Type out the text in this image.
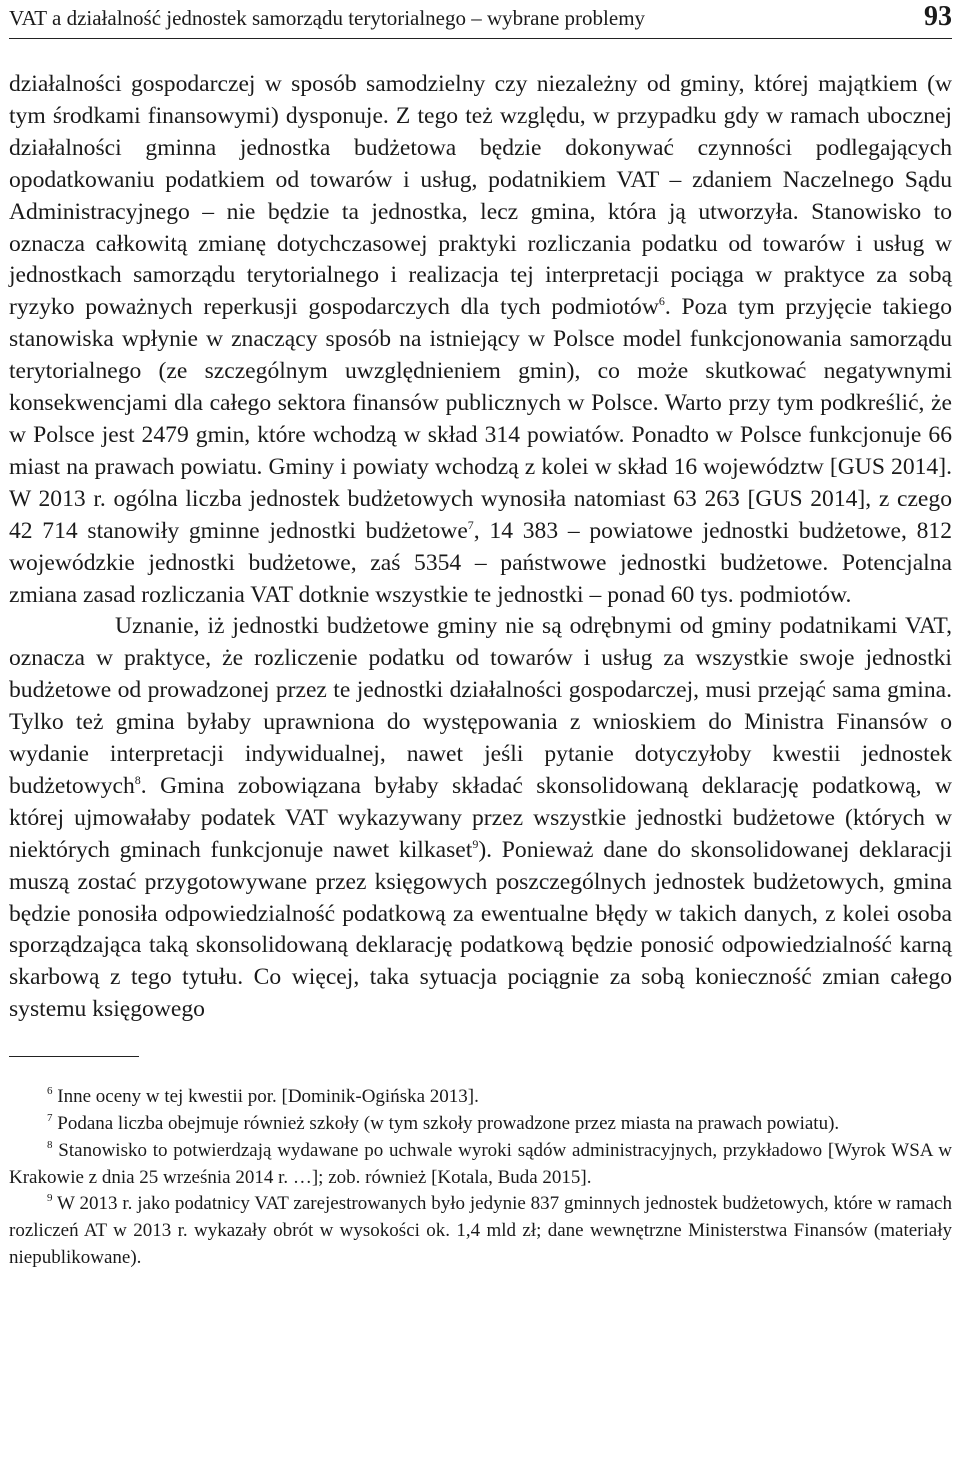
VAT a działalność jednostek samorządu terytorialnego – wybrane problemy	93

działalności gospodarczej w sposób samodzielny czy niezależny od gminy, której majątkiem (w tym środkami finansowymi) dysponuje. Z tego też względu, w przypadku gdy w ramach ubocznej działalności gminna jednostka budżetowa będzie dokonywać czynności podlegających opodatkowaniu podatkiem od towarów i usług, podatnikiem VAT – zdaniem Naczelnego Sądu Administracyjnego – nie będzie ta jednostka, lecz gmina, która ją utworzyła. Stanowisko to oznacza całkowitą zmianę dotychczasowej praktyki rozliczania podatku od towarów i usług w jednostkach samorządu terytorialnego i realizacja tej interpretacji pociąga w praktyce za sobą ryzyko poważnych reperkusji gospodarczych dla tych podmiotów$^6$. Poza tym przyjęcie takiego stanowiska wpłynie w znaczący sposób na istniejący w Polsce model funkcjonowania samorządu terytorialnego (ze szczególnym uwzględnieniem gmin), co może skutkować negatywnymi konsekwencjami dla całego sektora finansów publicznych w Polsce. Warto przy tym podkreślić, że w Polsce jest 2479 gmin, które wchodzą w skład 314 powiatów. Ponadto w Polsce funkcjonuje 66 miast na prawach powiatu. Gminy i powiaty wchodzą z kolei w skład 16 województw [GUS 2014]. W 2013 r. ogólna liczba jednostek budżetowych wynosiła natomiast 63 263 [GUS 2014], z czego 42 714 stanowiły gminne jednostki budżetowe$^7$, 14 383 – powiatowe jednostki budżetowe, 812 wojewódzkie jednostki budżetowe, zaś 5354 – państwowe jednostki budżetowe. Potencjalna zmiana zasad rozliczania VAT dotknie wszystkie te jednostki – ponad 60 tys. podmiotów.

Uznanie, iż jednostki budżetowe gminy nie są odrębnymi od gminy podatnikami VAT, oznacza w praktyce, że rozliczenie podatku od towarów i usług za wszystkie swoje jednostki budżetowe od prowadzonej przez te jednostki działalności gospodarczej, musi przejąć sama gmina. Tylko też gmina byłaby uprawniona do występowania z wnioskiem do Ministra Finansów o wydanie interpretacji indywidualnej, nawet jeśli pytanie dotyczyłoby kwestii jednostek budżetowych$^8$. Gmina zobowiązana byłaby składać skonsolidowaną deklarację podatkową, w której ujmowałaby podatek VAT wykazywany przez wszystkie jednostki budżetowe (których w niektórych gminach funkcjonuje nawet kilkaset$^9$). Ponieważ dane do skonsolidowanej deklaracji muszą zostać przygotowywane przez księgowych poszczególnych jednostek budżetowych, gmina będzie ponosiła odpowiedzialność podatkową za ewentualne błędy w takich danych, z kolei osoba sporządzająca taką skonsolidowaną deklarację podatkową będzie ponosić odpowiedzialność karną skarbową z tego tytułu. Co więcej, taka sytuacja pociągnie za sobą konieczność zmian całego systemu księgowego

$^6$ Inne oceny w tej kwestii por. [Dominik-Ogińska 2013].

$^7$ Podana liczba obejmuje również szkoły (w tym szkoły prowadzone przez miasta na prawach powiatu).

$^8$ Stanowisko to potwierdzają wydawane po uchwale wyroki sądów administracyjnych, przykładowo [Wyrok WSA w Krakowie z dnia 25 września 2014 r. …]; zob. również [Kotala, Buda 2015].

$^9$ W 2013 r. jako podatnicy VAT zarejestrowanych było jedynie 837 gminnych jednostek budżetowych, które w ramach rozliczeń AT w 2013 r. wykazały obrót w wysokości ok. 1,4 mld zł; dane wewnętrzne Ministerstwa Finansów (materiały niepublikowane).
